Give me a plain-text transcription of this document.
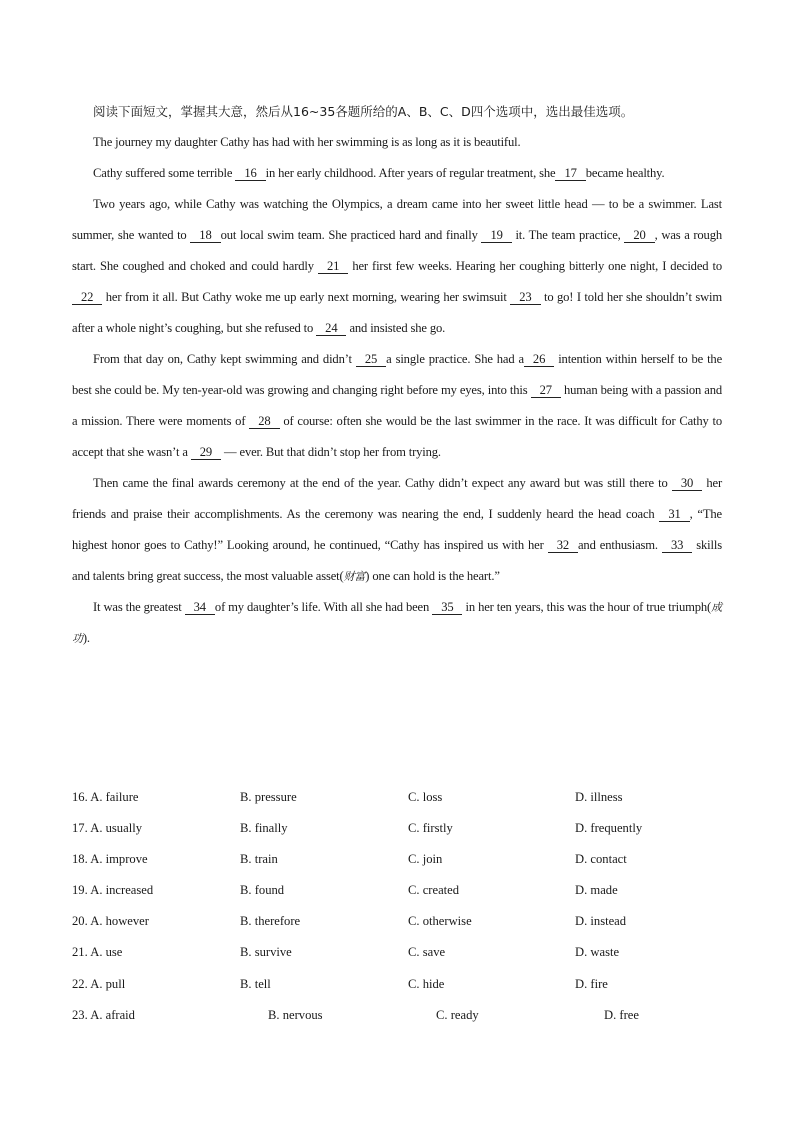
阅读下面短文，掌握其大意，然后从16~35各题所给的A、B、C、D四个选项中，选出最佳选项。

The journey my daughter Cathy has had with her swimming is as long as it is beautiful.

Cathy suffered some terrible 16 in her early childhood. After years of regular treatment, she 17 became healthy.

Two years ago, while Cathy was watching the Olympics, a dream came into her sweet little head — to be a swimmer. Last summer, she wanted to 18 out local swim team. She practiced hard and finally 19 it. The team practice, 20 , was a rough start. She coughed and choked and could hardly 21 her first few weeks. Hearing her coughing bitterly one night, I decided to 22 her from it all. But Cathy woke me up early next morning, wearing her swimsuit 23 to go! I told her she shouldn’t swim after a whole night’s coughing, but she refused to 24 and insisted she go.

From that day on, Cathy kept swimming and didn’t 25 a single practice. She had a 26 intention within herself to be the best she could be. My ten-year-old was growing and changing right before my eyes, into this 27 human being with a passion and a mission. There were moments of 28 of course: often she would be the last swimmer in the race. It was difficult for Cathy to accept that she wasn’t a 29 — ever. But that didn’t stop her from trying.

Then came the final awards ceremony at the end of the year. Cathy didn’t expect any award but was still there to 30 her friends and praise their accomplishments. As the ceremony was nearing the end, I suddenly heard the head coach 31 , “The highest honor goes to Cathy!” Looking around, he continued, “Cathy has inspired us with her 32 and enthusiasm. 33 skills and talents bring great success, the most valuable asset(财富) one can hold is the heart.”

It was the greatest 34 of my daughter’s life. With all she had been 35 in her ten years, this was the hour of true triumph(成功).

16. A. failure	B. pressure	C. loss	D. illness
17. A. usually	B. finally	C. firstly	D. frequently
18. A. improve	B. train	C. join	D. contact
19. A. increased	B. found	C. created	D. made
20. A. however	B. therefore	C. otherwise	D. instead
21. A. use	B. survive	C. save	D. waste
22. A. pull	B. tell	C. hide	D. fire
23. A. afraid	B. nervous	C. ready	D. free
